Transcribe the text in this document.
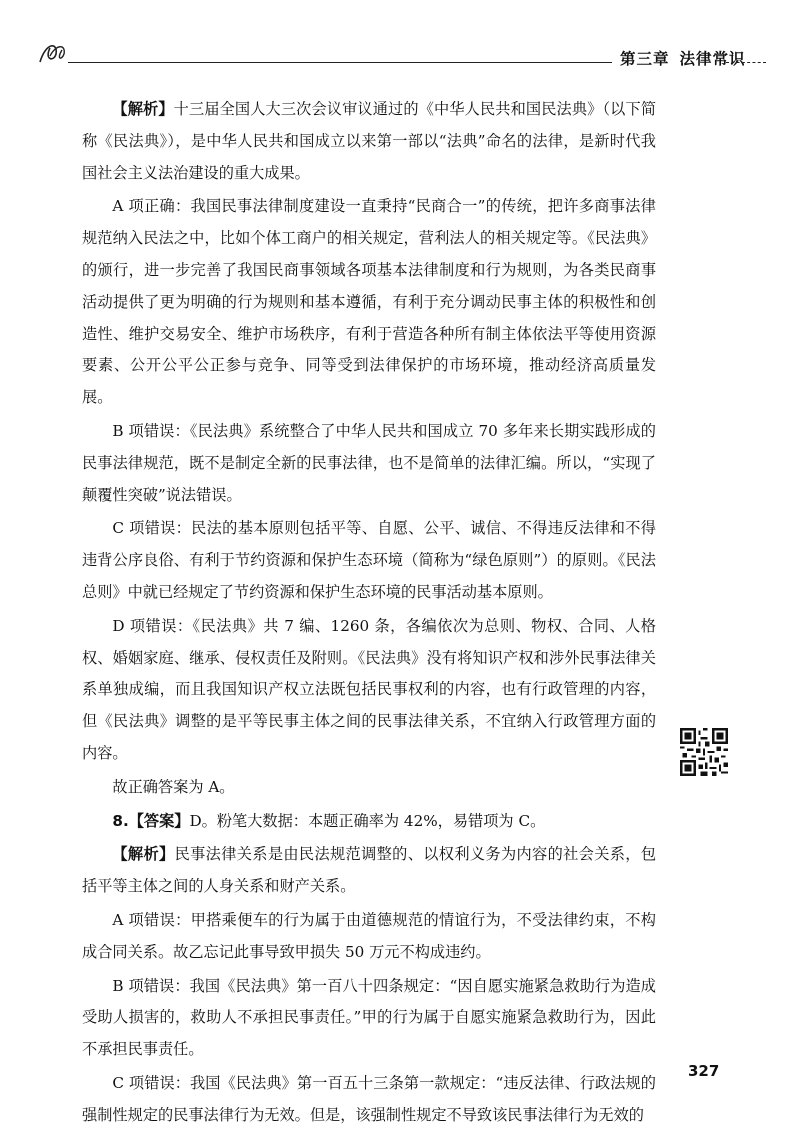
第三章 法律常识

【解析】十三届全国人大三次会议审议通过的《中华人民共和国民法典》（以下简称《民法典》），是中华人民共和国成立以来第一部以“法典”命名的法律，是新时代我国社会主义法治建设的重大成果。

A 项正确：我国民事法律制度建设一直秉持“民商合一”的传统，把许多商事法律规范纳入民法之中，比如个体工商户的相关规定，营利法人的相关规定等。《民法典》的颁行，进一步完善了我国民商事领域各项基本法律制度和行为规则，为各类民商事活动提供了更为明确的行为规则和基本遵循，有利于充分调动民事主体的积极性和创造性、维护交易安全、维护市场秩序，有利于营造各种所有制主体依法平等使用资源要素、公开公平公正参与竞争、同等受到法律保护的市场环境，推动经济高质量发展。

B 项错误：《民法典》系统整合了中华人民共和国成立 70 多年来长期实践形成的民事法律规范，既不是制定全新的民事法律，也不是简单的法律汇编。所以，“实现了颠覆性突破”说法错误。

C 项错误：民法的基本原则包括平等、自愿、公平、诚信、不得违反法律和不得违背公序良俗、有利于节约资源和保护生态环境（简称为“绿色原则”）的原则。《民法总则》中就已经规定了节约资源和保护生态环境的民事活动基本原则。

D 项错误：《民法典》共 7 编、1260 条，各编依次为总则、物权、合同、人格权、婚姻家庭、继承、侵权责任及附则。《民法典》没有将知识产权和涉外民事法律关系单独成编，而且我国知识产权立法既包括民事权利的内容，也有行政管理的内容，但《民法典》调整的是平等民事主体之间的民事法律关系，不宜纳入行政管理方面的内容。

故正确答案为 A。

8.【答案】D。粉笔大数据：本题正确率为 42%，易错项为 C。

【解析】民事法律关系是由民法规范调整的、以权利义务为内容的社会关系，包括平等主体之间的人身关系和财产关系。

A 项错误：甲搭乘便车的行为属于由道德规范的情谊行为，不受法律约束，不构成合同关系。故乙忘记此事导致甲损失 50 万元不构成违约。

B 项错误：我国《民法典》第一百八十四条规定：“因自愿实施紧急救助行为造成受助人损害的，救助人不承担民事责任。”甲的行为属于自愿实施紧急救助行为，因此不承担民事责任。

C 项错误：我国《民法典》第一百五十三条第一款规定：“违反法律、行政法规的强制性规定的民事法律行为无效。但是，该强制性规定不导致该民事法律行为无效的

327
